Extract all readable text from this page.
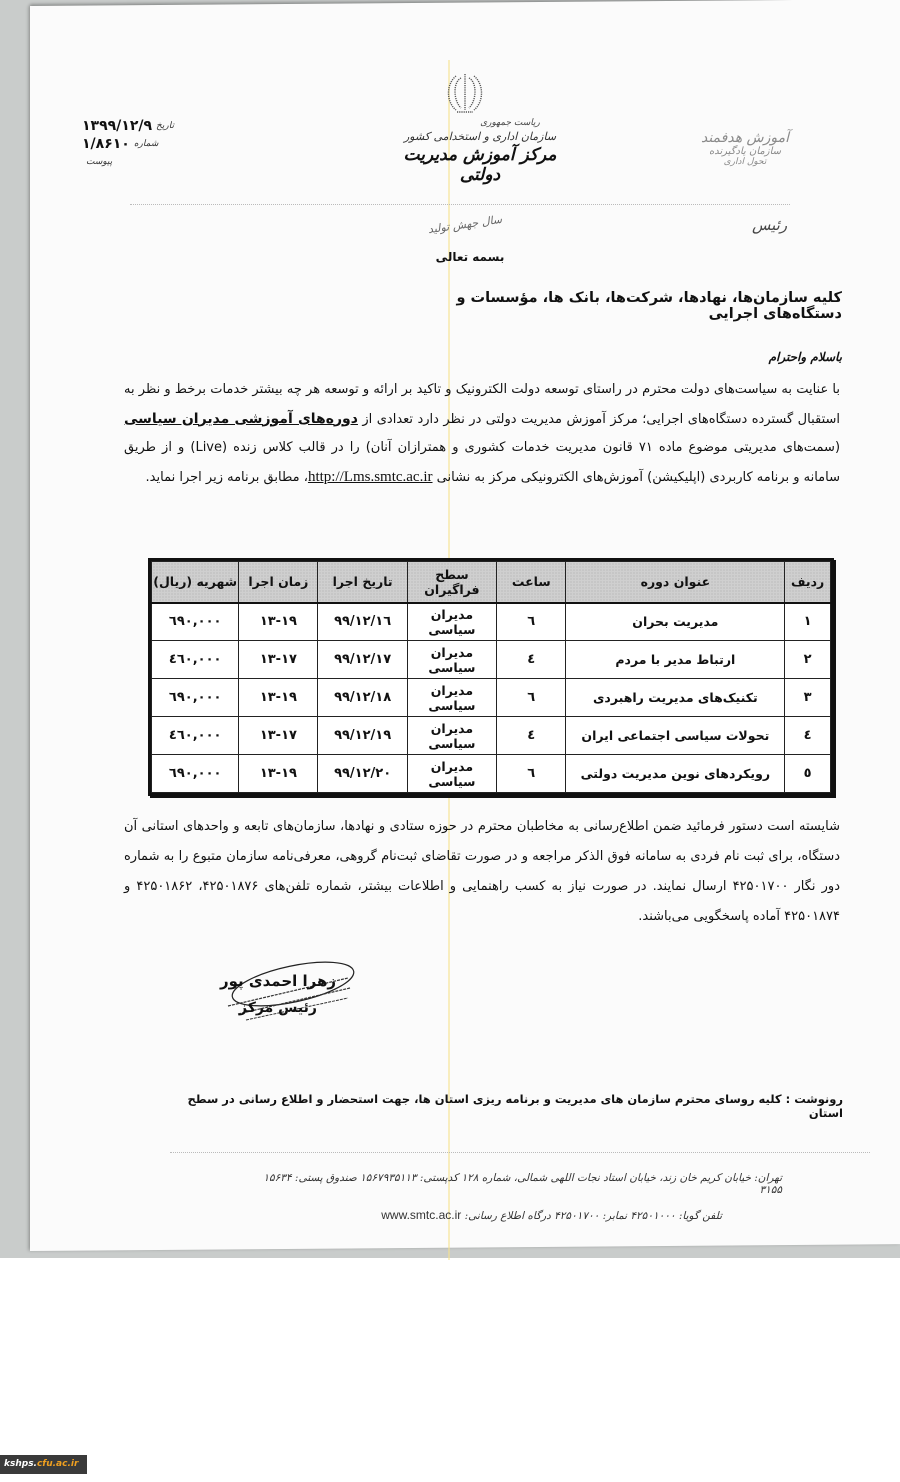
تاریخ
۱۳۹۹/۱۲/۹
شماره
۱/۸۶۱۰
پیوست
ریاست جمهوری
سازمان اداری و استخدامی کشور
مرکز آموزش مدیریت دولتی
آموزش هدفمند
سازمان یادگیرنده
تحول اداری
سال جهش تولید	رئیس
بسمه تعالی
کلیه سازمان‌ها، نهادها، شرکت‌ها، بانک ها، مؤسسات و دستگاه‌های اجرایی
باسلام واحترام
با عنایت به سیاست‌های دولت محترم در راستای توسعه دولت الکترونیک و تاکید بر ارائه و توسعه هر چه بیشتر خدمات برخط و نظر به استقبال گسترده دستگاه‌های اجرایی؛ مرکز آموزش مدیریت دولتی در نظر دارد تعدادی از دوره‌های آموزشی مدیران سیاسی (سمت‌های مدیریتی موضوع ماده ۷۱ قانون مدیریت خدمات کشوری و همترازان آنان) را در قالب کلاس زنده (Live) و از طریق سامانه و برنامه کاربردی (اپلیکیشن) آموزش‌های الکترونیکی مرکز به نشانی http://Lms.smtc.ac.ir، مطابق برنامه زیر اجرا نماید.
ردیف	عنوان دوره	ساعت	سطح فراگیران	تاریخ اجرا	زمان اجرا	شهریه (ریال)
۱	مدیریت بحران	٦	مدیران سیاسی	۹۹/۱۲/۱٦	۱۳-۱۹	٦۹۰,۰۰۰
۲	ارتباط مدیر با مردم	٤	مدیران سیاسی	۹۹/۱۲/۱۷	۱۳-۱۷	٤٦۰,۰۰۰
۳	تکنیک‌های مدیریت راهبردی	٦	مدیران سیاسی	۹۹/۱۲/۱۸	۱۳-۱۹	٦۹۰,۰۰۰
٤	تحولات سیاسی اجتماعی ایران	٤	مدیران سیاسی	۹۹/۱۲/۱۹	۱۳-۱۷	٤٦۰,۰۰۰
٥	رویکردهای نوین مدیریت دولتی	٦	مدیران سیاسی	۹۹/۱۲/۲۰	۱۳-۱۹	٦۹۰,۰۰۰
شایسته است دستور فرمائید ضمن اطلاع‌رسانی به مخاطبان محترم در حوزه ستادی و نهادها، سازمان‌های تابعه و واحدهای استانی آن دستگاه، برای ثبت نام فردی به سامانه فوق الذکر مراجعه و در صورت تقاضای ثبت‌نام گروهی، معرفی‌نامه سازمان متبوع را به شماره دور نگار ۴۲۵۰۱۷۰۰ ارسال نمایند. در صورت نیاز به کسب راهنمایی و اطلاعات بیشتر، شماره تلفن‌های ۴۲۵۰۱۸۷۶، ۴۲۵۰۱۸۶۲ و ۴۲۵۰۱۸۷۴ آماده پاسخگویی می‌باشند.
زهرا احمدی پور
رئیس مرکز
رونوشت : کلیه روسای محترم سازمان های مدیریت و برنامه ریزی استان ها، جهت استحضار و اطلاع رسانی در سطح استان
تهران: خیابان کریم خان زند، خیابان استاد نجات اللهی شمالی، شماره ۱۲۸ کدپستی: ۱۵۶۷۹۳۵۱۱۳ صندوق پستی: ۱۵۶۳۴ ۳۱۵۵
تلفن گویا: ۴۲۵۰۱۰۰۰ نمابر: ۴۲۵۰۱۷۰۰ درگاه اطلاع رسانی: www.smtc.ac.ir
kshps.cfu.ac.ir
